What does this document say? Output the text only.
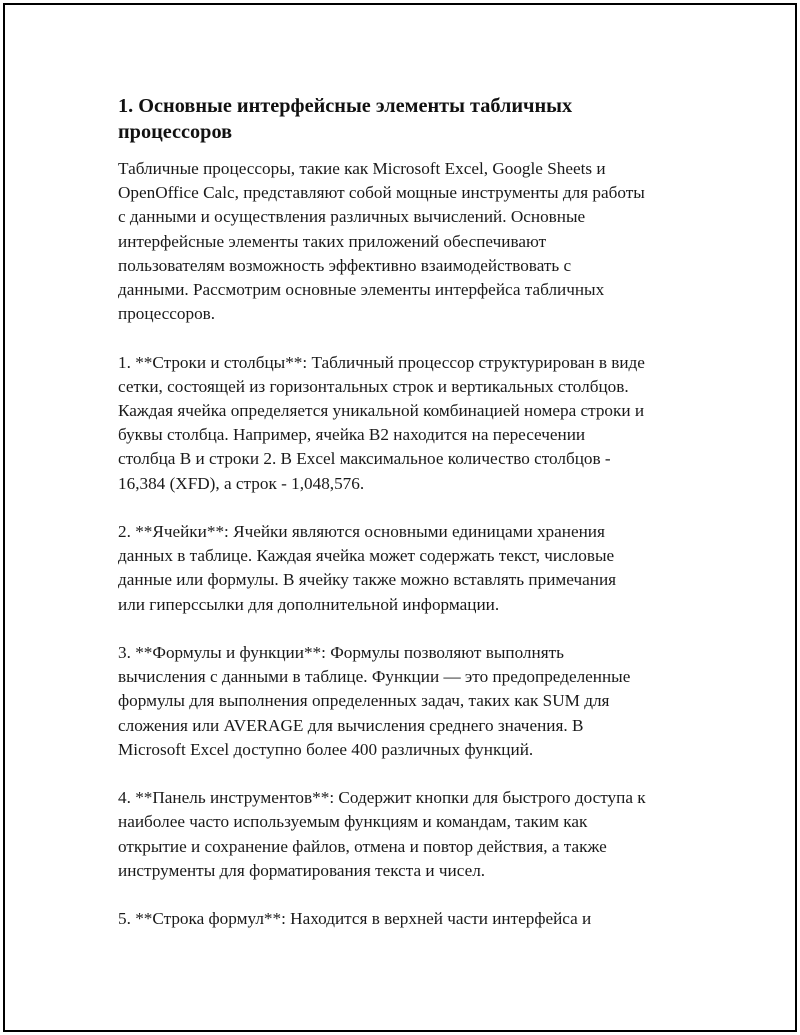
1. Основные интерфейсные элементы табличных
процессоров

Табличные процессоры, такие как Microsoft Excel, Google Sheets и
OpenOffice Calc, представляют собой мощные инструменты для работы
с данными и осуществления различных вычислений. Основные
интерфейсные элементы таких приложений обеспечивают
пользователям возможность эффективно взаимодействовать с
данными. Рассмотрим основные элементы интерфейса табличных
процессоров.

1. **Строки и столбцы**: Табличный процессор структурирован в виде
сетки, состоящей из горизонтальных строк и вертикальных столбцов.
Каждая ячейка определяется уникальной комбинацией номера строки и
буквы столбца. Например, ячейка B2 находится на пересечении
столбца B и строки 2. В Excel максимальное количество столбцов -
16,384 (XFD), а строк - 1,048,576.

2. **Ячейки**: Ячейки являются основными единицами хранения
данных в таблице. Каждая ячейка может содержать текст, числовые
данные или формулы. В ячейку также можно вставлять примечания
или гиперссылки для дополнительной информации.

3. **Формулы и функции**: Формулы позволяют выполнять
вычисления с данными в таблице. Функции — это предопределенные
формулы для выполнения определенных задач, таких как SUM для
сложения или AVERAGE для вычисления среднего значения. В
Microsoft Excel доступно более 400 различных функций.

4. **Панель инструментов**: Содержит кнопки для быстрого доступа к
наиболее часто используемым функциям и командам, таким как
открытие и сохранение файлов, отмена и повтор действия, а также
инструменты для форматирования текста и чисел.

5. **Строка формул**: Находится в верхней части интерфейса и
